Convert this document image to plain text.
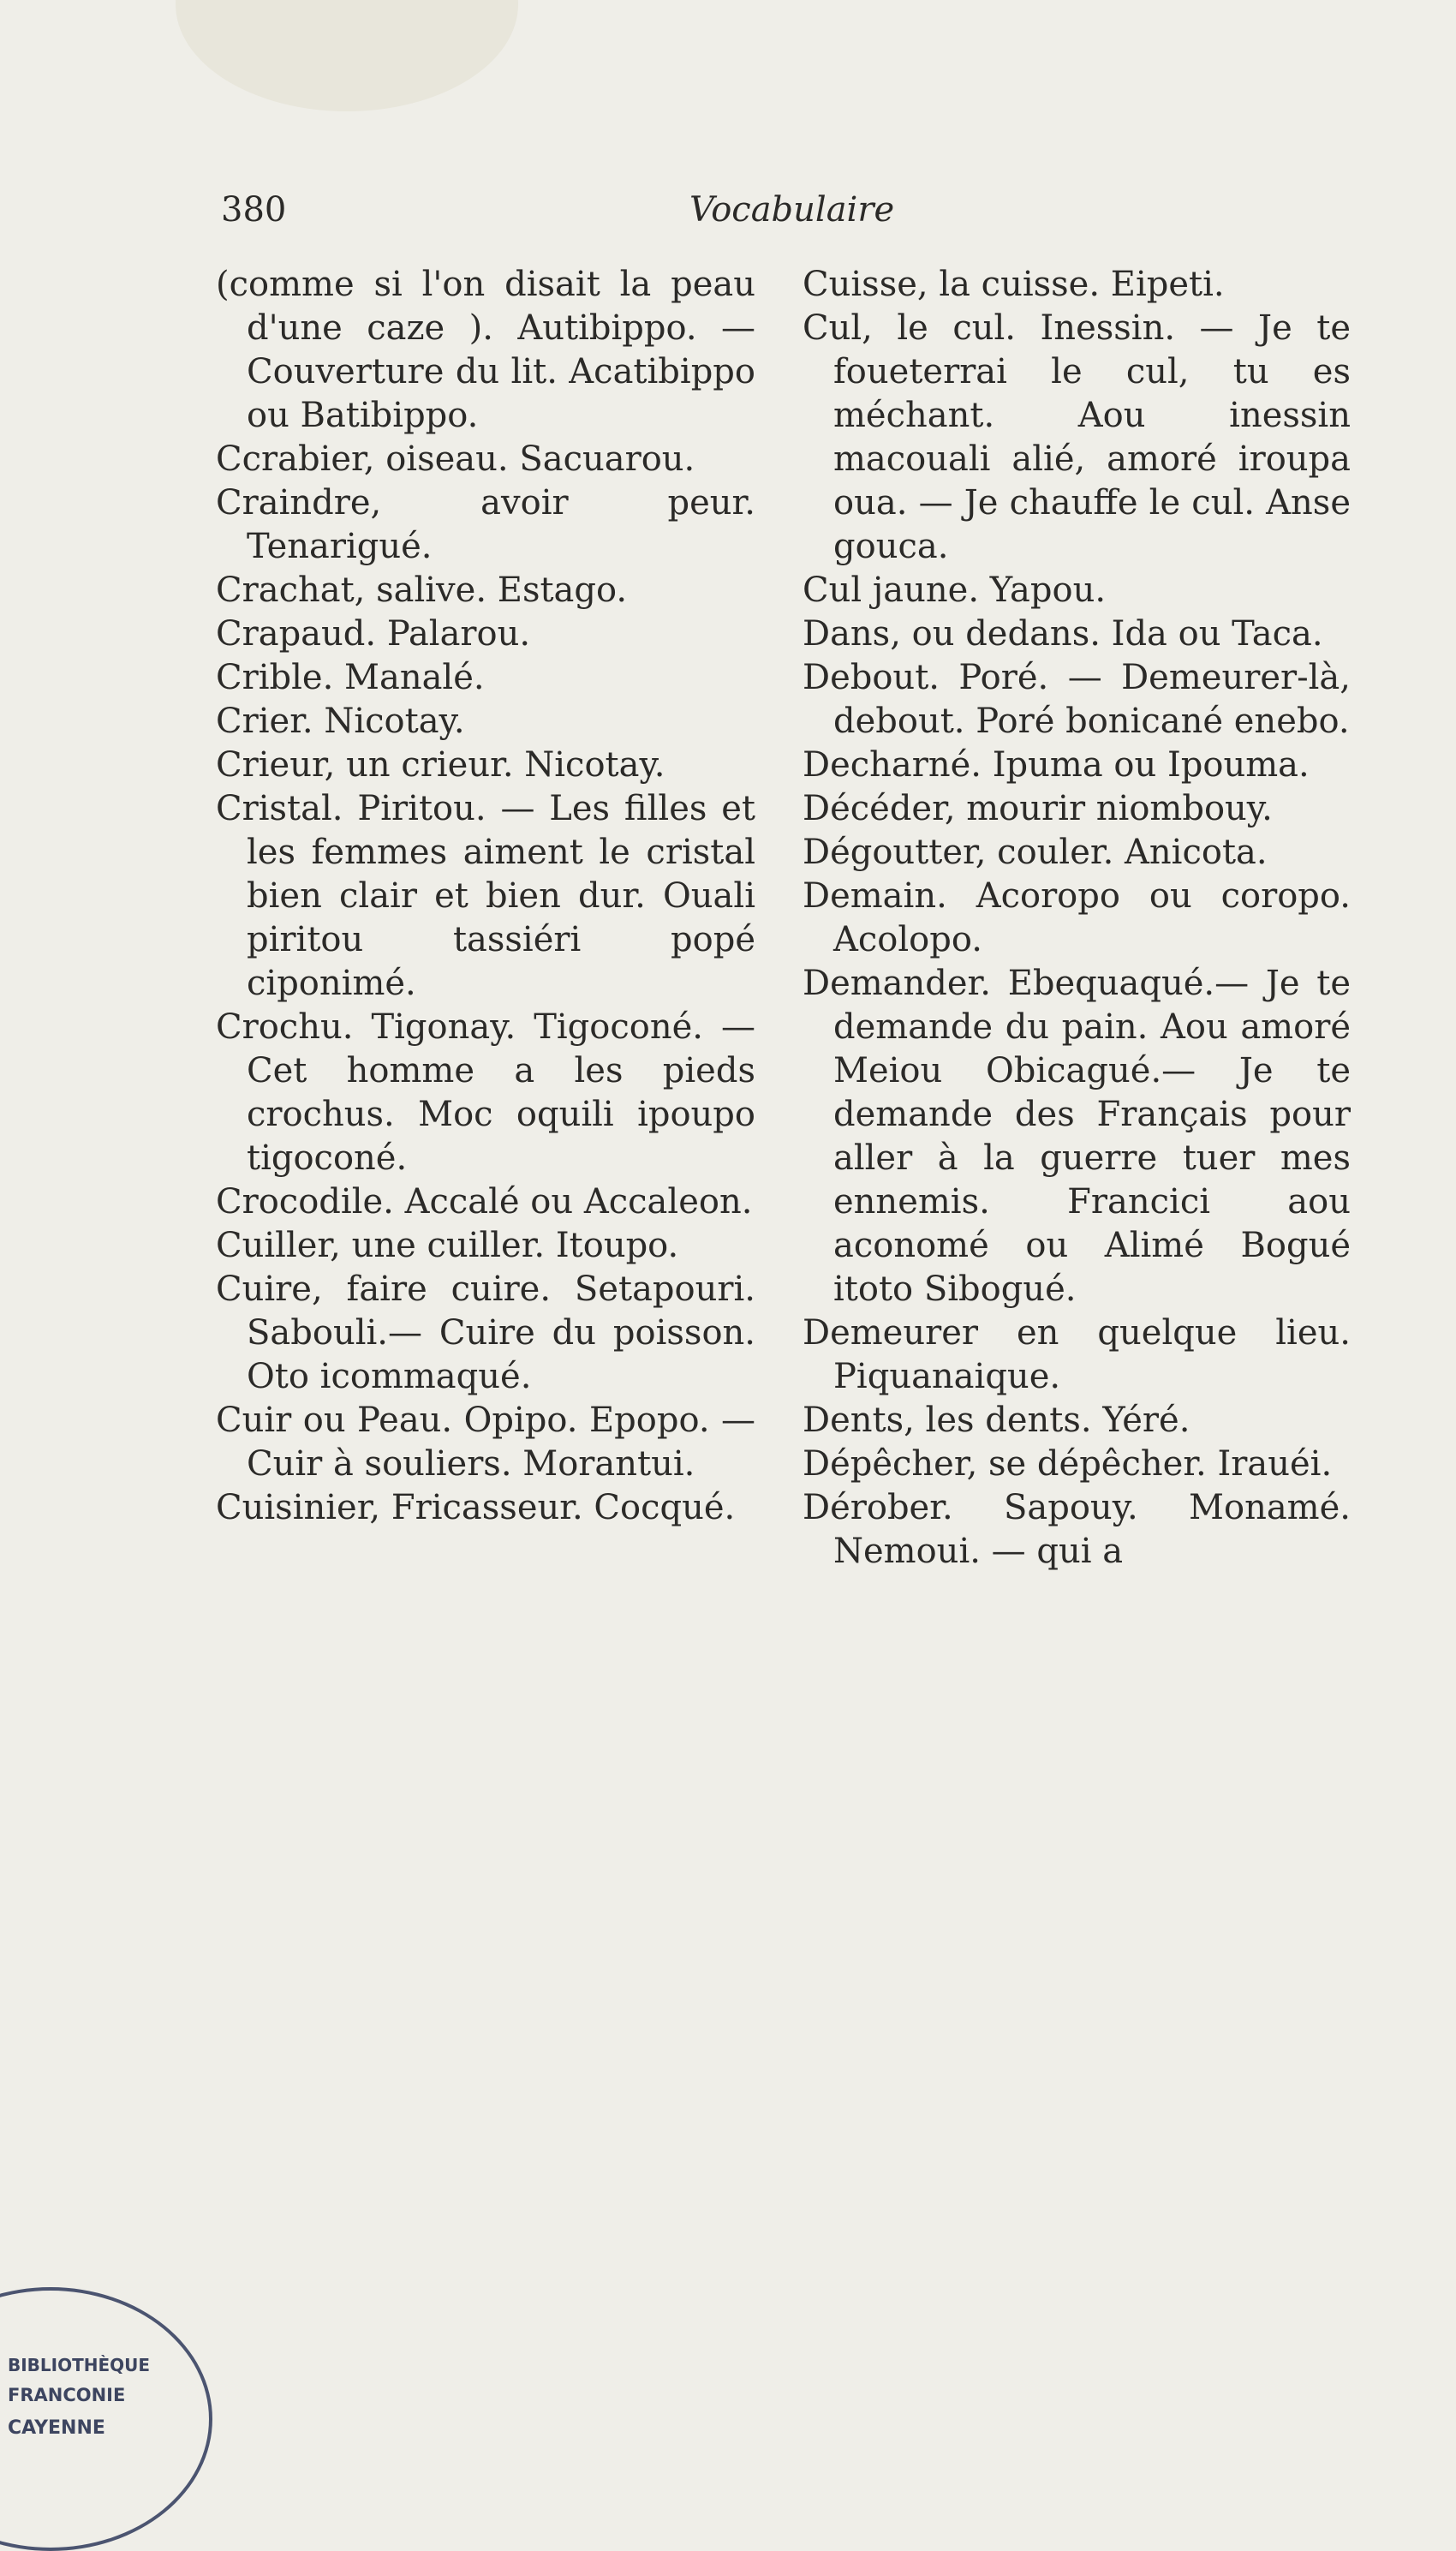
380	Vocabulaire

(comme si l'on disait la peau d'une caze ). Autibippo. — Couverture du lit. Acatibippo ou Batibippo.

Ccrabier, oiseau. Sacuarou.

Craindre, avoir peur. Tenarigué.

Crachat, salive. Estago.

Crapaud. Palarou.

Crible. Manalé.

Crier. Nicotay.

Crieur, un crieur. Nicotay.

Cristal. Piritou. — Les filles et les femmes aiment le cristal bien clair et bien dur. Ouali piritou tassiéri popé ciponimé.

Crochu. Tigonay. Tigoconé. — Cet homme a les pieds crochus. Moc oquili ipoupo tigoconé.

Crocodile. Accalé ou Accaleon.

Cuiller, une cuiller. Itoupo.

Cuire, faire cuire. Setapouri. Sabouli.— Cuire du poisson. Oto icommaqué.

Cuir ou Peau. Opipo. Epopo. — Cuir à souliers. Morantui.

Cuisinier, Fricasseur. Cocqué.

Cuisse, la cuisse. Eipeti.

Cul, le cul. Inessin. — Je te foueterrai le cul, tu es méchant. Aou inessin macouali alié, amoré iroupa oua. — Je chauffe le cul. Anse gouca.

Cul jaune. Yapou.

Dans, ou dedans. Ida ou Taca.

Debout. Poré. — Demeurer-là, debout. Poré bonicané enebo.

Decharné. Ipuma ou Ipouma.

Décéder, mourir niombouy.

Dégoutter, couler. Anicota.

Demain. Acoropo ou coropo. Acolopo.

Demander. Ebequaqué.— Je te demande du pain. Aou amoré Meiou Obicagué.— Je te demande des Français pour aller à la guerre tuer mes ennemis. Francici aou aconomé ou Alimé Bogué itoto Sibogué.

Demeurer en quelque lieu. Piquanaique.

Dents, les dents. Yéré.

Dépêcher, se dépêcher. Irauéi.

Dérober. Sapouy. Monamé. Nemoui. — qui a

BIBLIOTHÈQUE
FRANCONIE
CAYENNE
